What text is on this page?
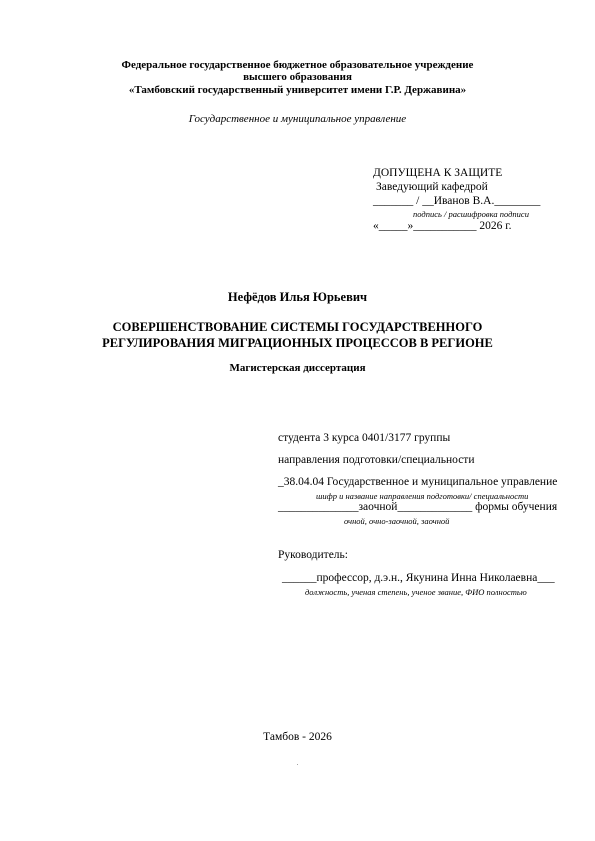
Федеральное государственное бюджетное образовательное учреждение
высшего образования
«Тамбовский государственный университет имени Г.Р. Державина»
Государственное и муниципальное управление
ДОПУЩЕНА К ЗАЩИТЕ
Заведующий кафедрой
_______ / __Иванов В.А.________
подпись / расшифровка подписи
«_____»___________ 2026 г.
Нефёдов Илья Юрьевич
СОВЕРШЕНСТВОВАНИЕ СИСТЕМЫ ГОСУДАРСТВЕННОГО
РЕГУЛИРОВАНИЯ МИГРАЦИОННЫХ ПРОЦЕССОВ В РЕГИОНЕ
Магистерская диссертация
студента 3 курса 0401/3177 группы
направления подготовки/специальности
_38.04.04 Государственное и муниципальное управление
шифр и название направления подготовки/ специальности
______________заочной_____________ формы обучения
очной, очно-заочной, заочной
Руководитель:
______профессор, д.э.н., Якунина Инна Николаевна___
должность, ученая степень, ученое звание, ФИО полностью
Тамбов - 2026
.
